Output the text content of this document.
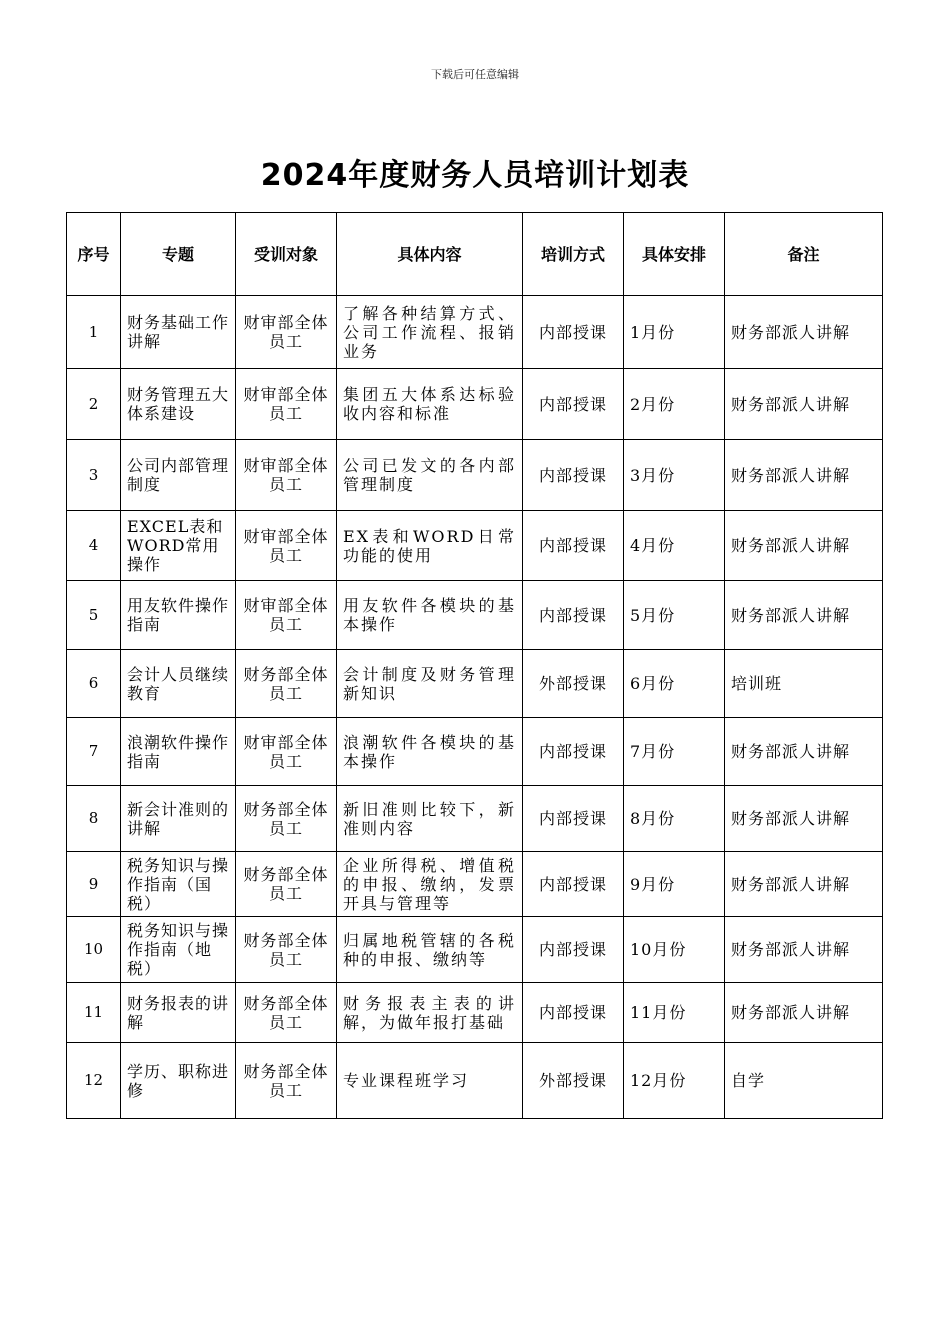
下载后可任意编辑
2024年度财务人员培训计划表
序号	专题	受训对象	具体内容	培训方式	具体安排	备注
1	财务基础工作讲解	财审部全体员工	了解各种结算方式、公司工作流程、报销业务	内部授课	1月份	财务部派人讲解
2	财务管理五大体系建设	财审部全体员工	集团五大体系达标验收内容和标准	内部授课	2月份	财务部派人讲解
3	公司内部管理制度	财审部全体员工	公司已发文的各内部管理制度	内部授课	3月份	财务部派人讲解
4	EXCEL表和WORD常用操作	财审部全体员工	EX表和WORD日常功能的使用	内部授课	4月份	财务部派人讲解
5	用友软件操作指南	财审部全体员工	用友软件各模块的基本操作	内部授课	5月份	财务部派人讲解
6	会计人员继续教育	财务部全体员工	会计制度及财务管理新知识	外部授课	6月份	培训班
7	浪潮软件操作指南	财审部全体员工	浪潮软件各模块的基本操作	内部授课	7月份	财务部派人讲解
8	新会计准则的讲解	财务部全体员工	新旧准则比较下，新准则内容	内部授课	8月份	财务部派人讲解
9	税务知识与操作指南（国税）	财务部全体员工	企业所得税、增值税的申报、缴纳，发票开具与管理等	内部授课	9月份	财务部派人讲解
10	税务知识与操作指南（地税）	财务部全体员工	归属地税管辖的各税种的申报、缴纳等	内部授课	10月份	财务部派人讲解
11	财务报表的讲解	财务部全体员工	财务报表主表的讲解，为做年报打基础	内部授课	11月份	财务部派人讲解
12	学历、职称进修	财务部全体员工	专业课程班学习	外部授课	12月份	自学
